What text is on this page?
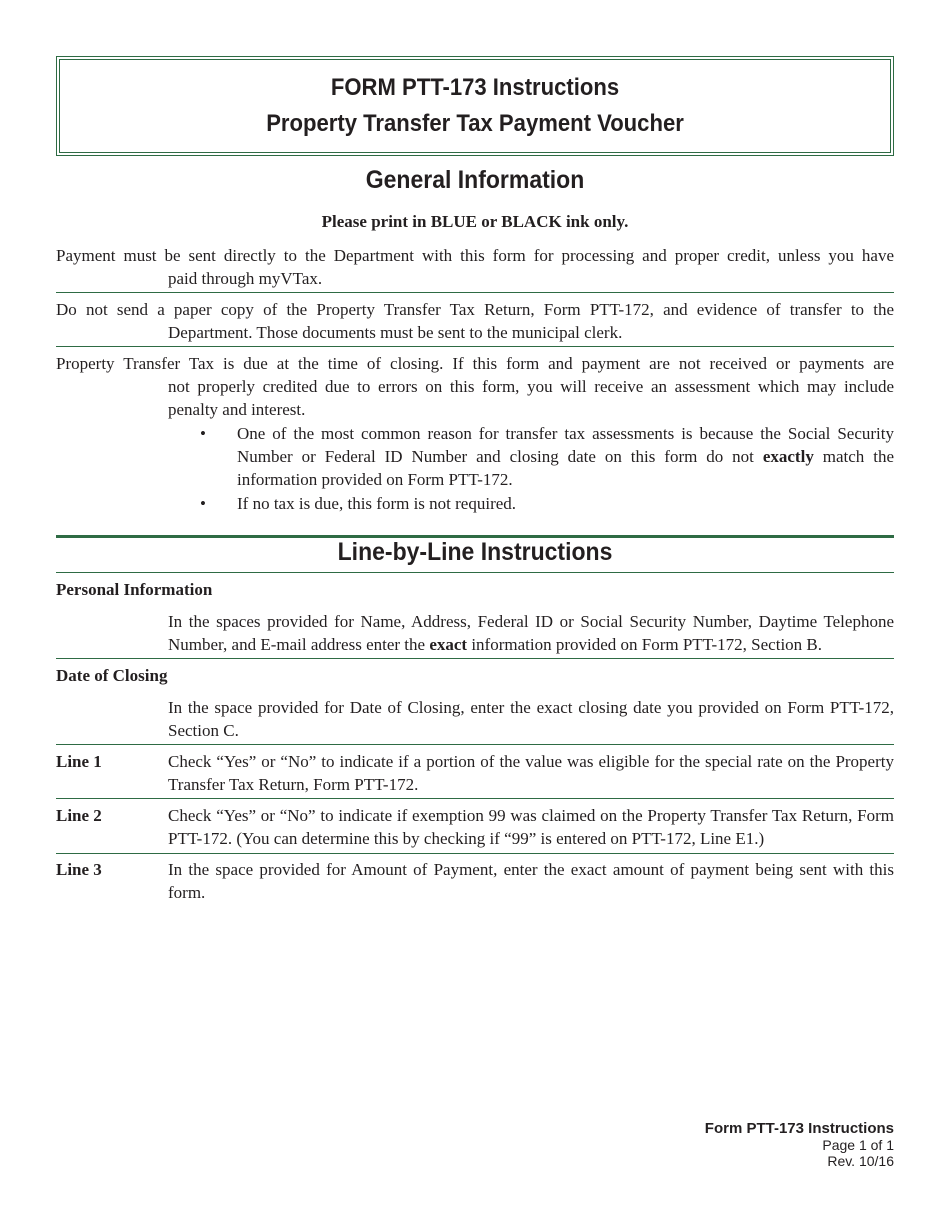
FORM PTT-173 Instructions
Property Transfer Tax Payment Voucher
General Information
Please print in BLUE or BLACK ink only.
Payment must be sent directly to the Department with this form for processing and proper credit, unless you have
paid through myVTax.
Do not send a paper copy of the Property Transfer Tax Return, Form PTT-172, and evidence of transfer to the
Department. Those documents must be sent to the municipal clerk.
Property Transfer Tax is due at the time of closing. If this form and payment are not received or payments are
not properly credited due to errors on this form, you will receive an assessment which may include penalty and interest.
• One of the most common reason for transfer tax assessments is because the Social Security Number or Federal ID Number and closing date on this form do not exactly match the information provided on Form PTT-172.
• If no tax is due, this form is not required.
Line-by-Line Instructions
Personal Information
In the spaces provided for Name, Address, Federal ID or Social Security Number, Daytime Telephone Number, and E-mail address enter the exact information provided on Form PTT-172, Section B.
Date of Closing
In the space provided for Date of Closing, enter the exact closing date you provided on Form PTT-172, Section C.
Line 1	Check “Yes” or “No” to indicate if a portion of the value was eligible for the special rate on the Property Transfer Tax Return, Form PTT-172.
Line 2	Check “Yes” or “No” to indicate if exemption 99 was claimed on the Property Transfer Tax Return, Form PTT-172. (You can determine this by checking if “99” is entered on PTT-172, Line E1.)
Line 3	In the space provided for Amount of Payment, enter the exact amount of payment being sent with this form.
Form PTT-173 Instructions
Page 1 of 1
Rev. 10/16
